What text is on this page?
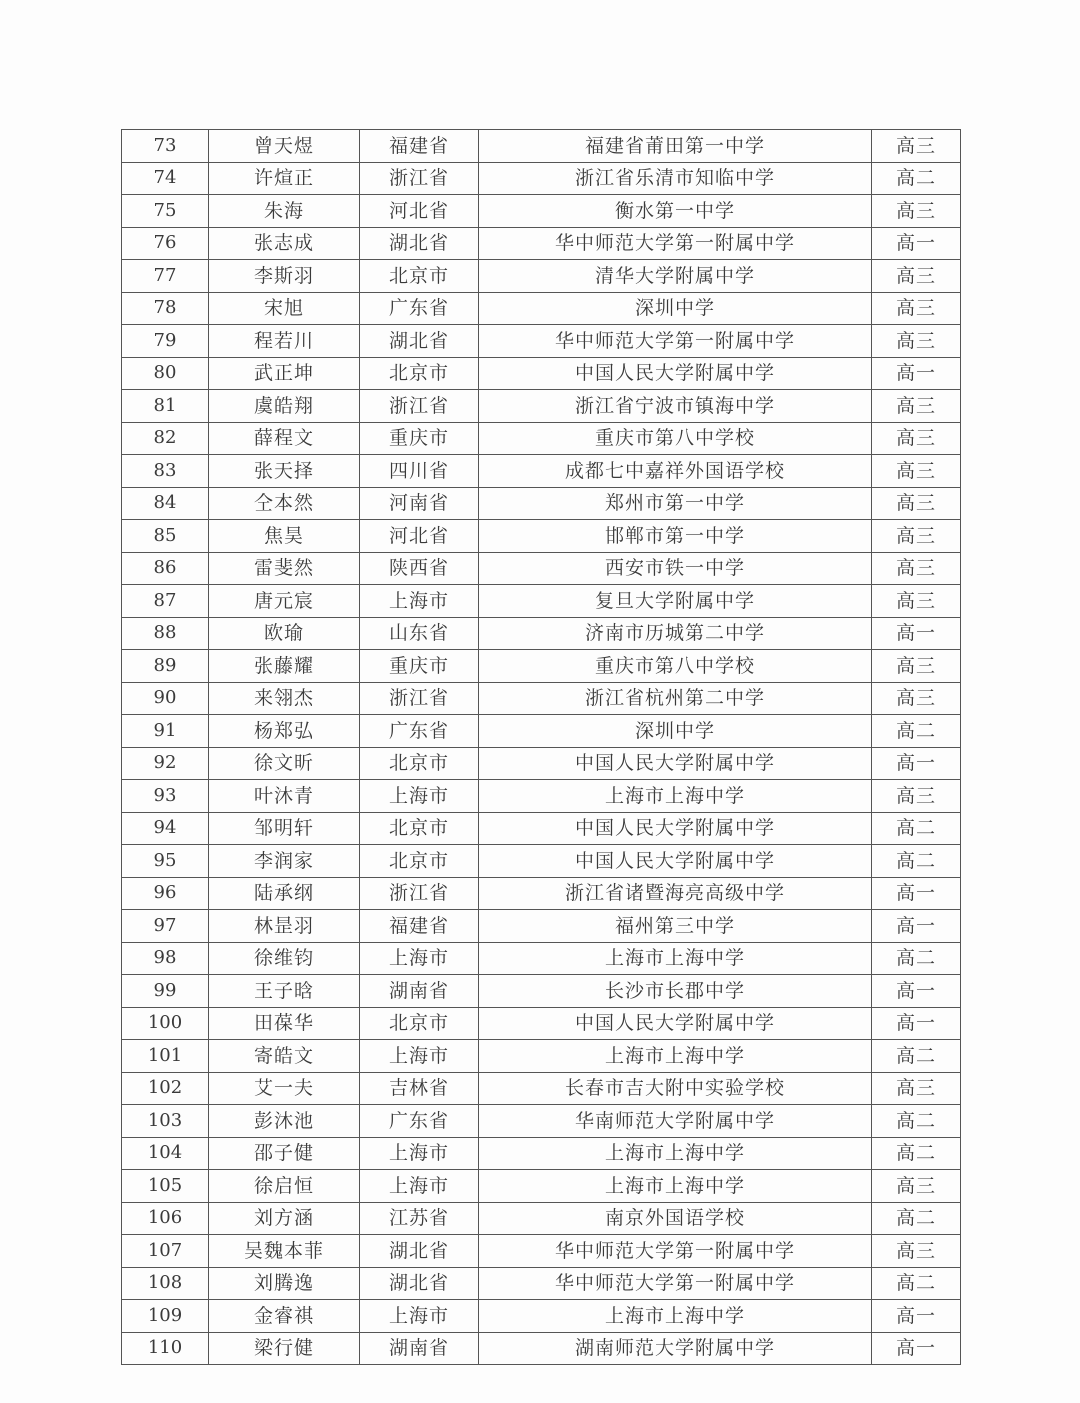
73	曾天煜	福建省	福建省莆田第一中学	高三
74	许煊正	浙江省	浙江省乐清市知临中学	高二
75	朱海	河北省	衡水第一中学	高三
76	张志成	湖北省	华中师范大学第一附属中学	高一
77	李斯羽	北京市	清华大学附属中学	高三
78	宋旭	广东省	深圳中学	高三
79	程若川	湖北省	华中师范大学第一附属中学	高三
80	武正坤	北京市	中国人民大学附属中学	高一
81	虞皓翔	浙江省	浙江省宁波市镇海中学	高三
82	薛程文	重庆市	重庆市第八中学校	高三
83	张天择	四川省	成都七中嘉祥外国语学校	高三
84	仝本然	河南省	郑州市第一中学	高三
85	焦昊	河北省	邯郸市第一中学	高三
86	雷斐然	陕西省	西安市铁一中学	高三
87	唐元宸	上海市	复旦大学附属中学	高三
88	欧瑜	山东省	济南市历城第二中学	高一
89	张藤耀	重庆市	重庆市第八中学校	高三
90	来翎杰	浙江省	浙江省杭州第二中学	高三
91	杨郑弘	广东省	深圳中学	高二
92	徐文昕	北京市	中国人民大学附属中学	高一
93	叶沐青	上海市	上海市上海中学	高三
94	邹明轩	北京市	中国人民大学附属中学	高二
95	李润家	北京市	中国人民大学附属中学	高二
96	陆承纲	浙江省	浙江省诸暨海亮高级中学	高一
97	林昰羽	福建省	福州第三中学	高一
98	徐维钧	上海市	上海市上海中学	高二
99	王子晗	湖南省	长沙市长郡中学	高一
100	田葆华	北京市	中国人民大学附属中学	高一
101	寄皓文	上海市	上海市上海中学	高二
102	艾一夫	吉林省	长春市吉大附中实验学校	高三
103	彭沐池	广东省	华南师范大学附属中学	高二
104	邵子健	上海市	上海市上海中学	高二
105	徐启恒	上海市	上海市上海中学	高三
106	刘方涵	江苏省	南京外国语学校	高二
107	吴魏本菲	湖北省	华中师范大学第一附属中学	高三
108	刘腾逸	湖北省	华中师范大学第一附属中学	高二
109	金睿祺	上海市	上海市上海中学	高一
110	梁行健	湖南省	湖南师范大学附属中学	高一
